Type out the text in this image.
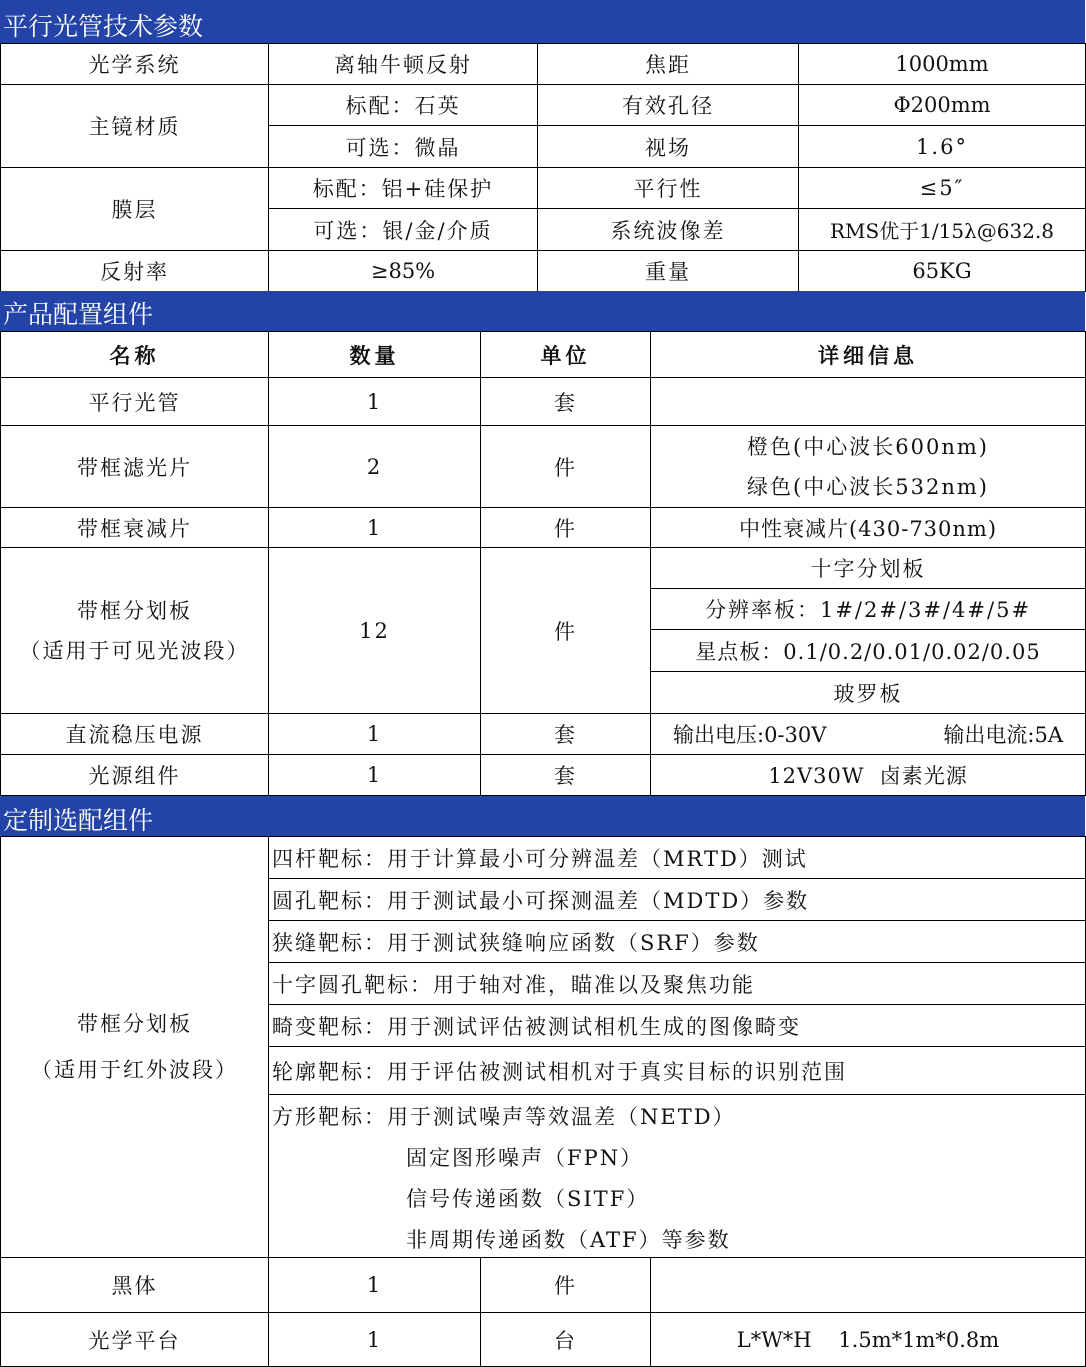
平行光管技术参数
光学系统	离轴牛顿反射	焦距	1000mm
主镜材质
标配：石英	有效孔径	Φ200mm
可选：微晶	视场	1.6°
膜层
标配：铝+硅保护	平行性	≤5″
可选：银/金/介质	系统波像差	RMS优于1/15λ@632.8
反射率	≥85%	重量	65KG
产品配置组件
名称	数量	单位	详细信息
平行光管	1	套
带框滤光片	2	件
橙色(中心波长600nm)
绿色(中心波长532nm)
带框衰减片	1	件	中性衰减片(430-730nm)
带框分划板
（适用于可见光波段）
12	件
十字分划板
分辨率板：1#/2#/3#/4#/5#
星点板：0.1/0.2/0.01/0.02/0.05
玻罗板
直流稳压电源	1	套	输出电压:0-30V	输出电流:5A
光源组件	1	套	12V30W  卤素光源
定制选配组件
带框分划板
（适用于红外波段）
四杆靶标：用于计算最小可分辨温差（MRTD）测试
圆孔靶标：用于测试最小可探测温差（MDTD）参数
狭缝靶标：用于测试狭缝响应函数（SRF）参数
十字圆孔靶标：用于轴对准，瞄准以及聚焦功能
畸变靶标：用于测试评估被测试相机生成的图像畸变
轮廓靶标：用于评估被测试相机对于真实目标的识别范围
方形靶标：用于测试噪声等效温差（NETD）
固定图形噪声（FPN）
信号传递函数（SITF）
非周期传递函数（ATF）等参数
黑体	1	件
光学平台	1	台	L*W*H    1.5m*1m*0.8m
